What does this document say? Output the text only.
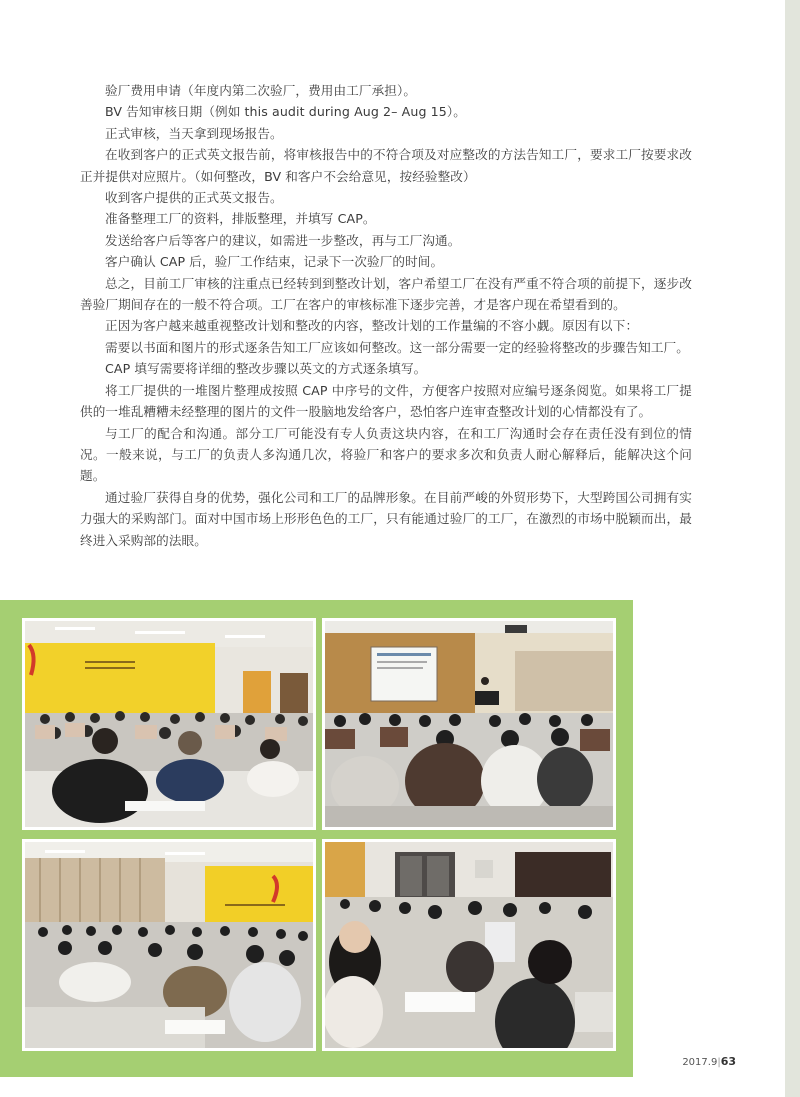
验厂费用申请（年度内第二次验厂，费用由工厂承担）。

BV 告知审核日期（例如 this audit during Aug 2– Aug 15）。

正式审核，当天拿到现场报告。

在收到客户的正式英文报告前，将审核报告中的不符合项及对应整改的方法告知工厂，要求工厂按要求改正并提供对应照片。（如何整改，BV 和客户不会给意见，按经验整改）

收到客户提供的正式英文报告。

准备整理工厂的资料，排版整理，并填写 CAP。

发送给客户后等客户的建议，如需进一步整改，再与工厂沟通。

客户确认 CAP 后，验厂工作结束，记录下一次验厂的时间。

总之，目前工厂审核的注重点已经转到到整改计划，客户希望工厂在没有严重不符合项的前提下，逐步改善验厂期间存在的一般不符合项。工厂在客户的审核标准下逐步完善，才是客户现在希望看到的。

正因为客户越来越重视整改计划和整改的内容，整改计划的工作量编的不容小觑。原因有以下：

需要以书面和图片的形式逐条告知工厂应该如何整改。这一部分需要一定的经验将整改的步骤告知工厂。

CAP 填写需要将详细的整改步骤以英文的方式逐条填写。

将工厂提供的一堆图片整理成按照 CAP 中序号的文件，方便客户按照对应编号逐条阅览。如果将工厂提供的一堆乱糟糟未经整理的图片的文件一股脑地发给客户，恐怕客户连审查整改计划的心情都没有了。

与工厂的配合和沟通。部分工厂可能没有专人负责这块内容，在和工厂沟通时会存在责任没有到位的情况。一般来说，与工厂的负责人多沟通几次，将验厂和客户的要求多次和负责人耐心解释后，能解决这个问题。

通过验厂获得自身的优势，强化公司和工厂的品牌形象。在目前严峻的外贸形势下，大型跨国公司拥有实力强大的采购部门。面对中国市场上形形色色的工厂，只有能通过验厂的工厂，在激烈的市场中脱颖而出，最终进入采购部的法眼。

2017.9|63
